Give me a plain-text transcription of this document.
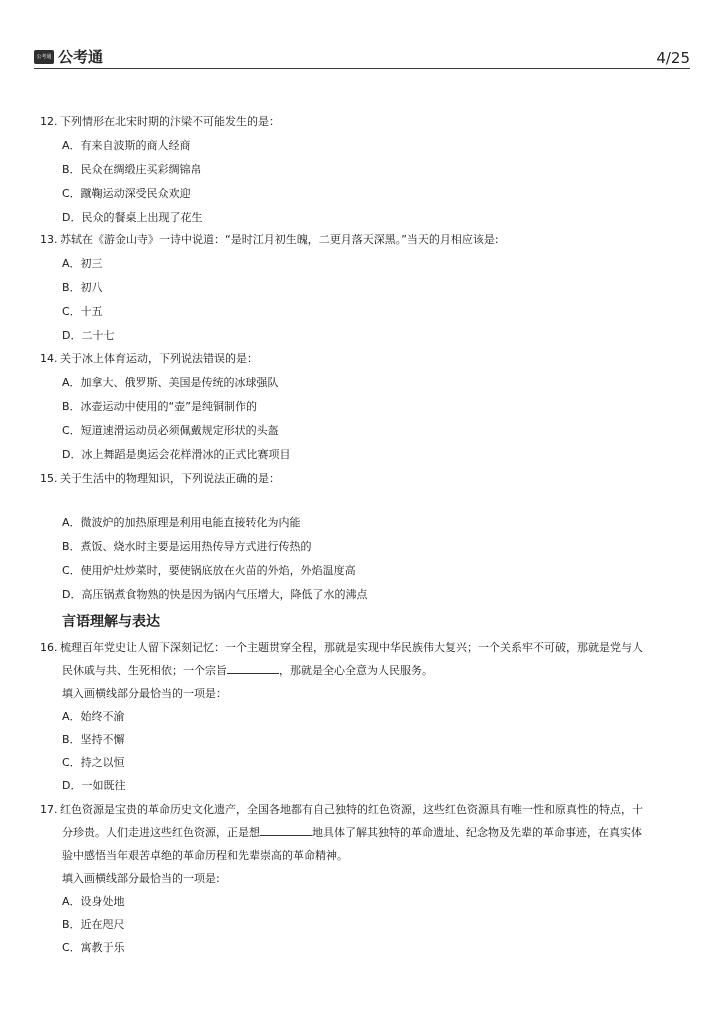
公考通 公考通	4/25

12. 下列情形在北宋时期的汴梁不可能发生的是：

A．有来自波斯的商人经商

B．民众在绸缎庄买彩绸锦帛

C．蹴鞠运动深受民众欢迎

D．民众的餐桌上出现了花生

13. 苏轼在《游金山寺》一诗中说道：“是时江月初生魄，二更月落天深黑。”当天的月相应该是:

A．初三

B．初八

C．十五

D．二十七

14. 关于冰上体育运动，下列说法错误的是：

A．加拿大、俄罗斯、美国是传统的冰球强队

B．冰壶运动中使用的“壶”是纯铜制作的

C．短道速滑运动员必须佩戴规定形状的头盔

D．冰上舞蹈是奥运会花样滑冰的正式比赛项目

15. 关于生活中的物理知识，下列说法正确的是：

A．微波炉的加热原理是利用电能直接转化为内能

B．煮饭、烧水时主要是运用热传导方式进行传热的

C．使用炉灶炒菜时，要使锅底放在火苗的外焰，外焰温度高

D．高压锅煮食物熟的快是因为锅内气压增大，降低了水的沸点

言语理解与表达

16. 梳理百年党史让人留下深刻记忆：一个主题贯穿全程，那就是实现中华民族伟大复兴；一个关系牢不可破，那就是党与人

民休戚与共、生死相依；一个宗旨	，那就是全心全意为人民服务。

填入画横线部分最恰当的一项是：

A．始终不渝

B．坚持不懈

C．持之以恒

D．一如既往

17. 红色资源是宝贵的革命历史文化遗产，全国各地都有自己独特的红色资源，这些红色资源具有唯一性和原真性的特点，十

分珍贵。人们走进这些红色资源，正是想	地具体了解其独特的革命遗址、纪念物及先辈的革命事迹，在真实体

验中感悟当年艰苦卓绝的革命历程和先辈崇高的革命精神。

填入画横线部分最恰当的一项是:

A．设身处地

B．近在咫尺

C．寓教于乐
